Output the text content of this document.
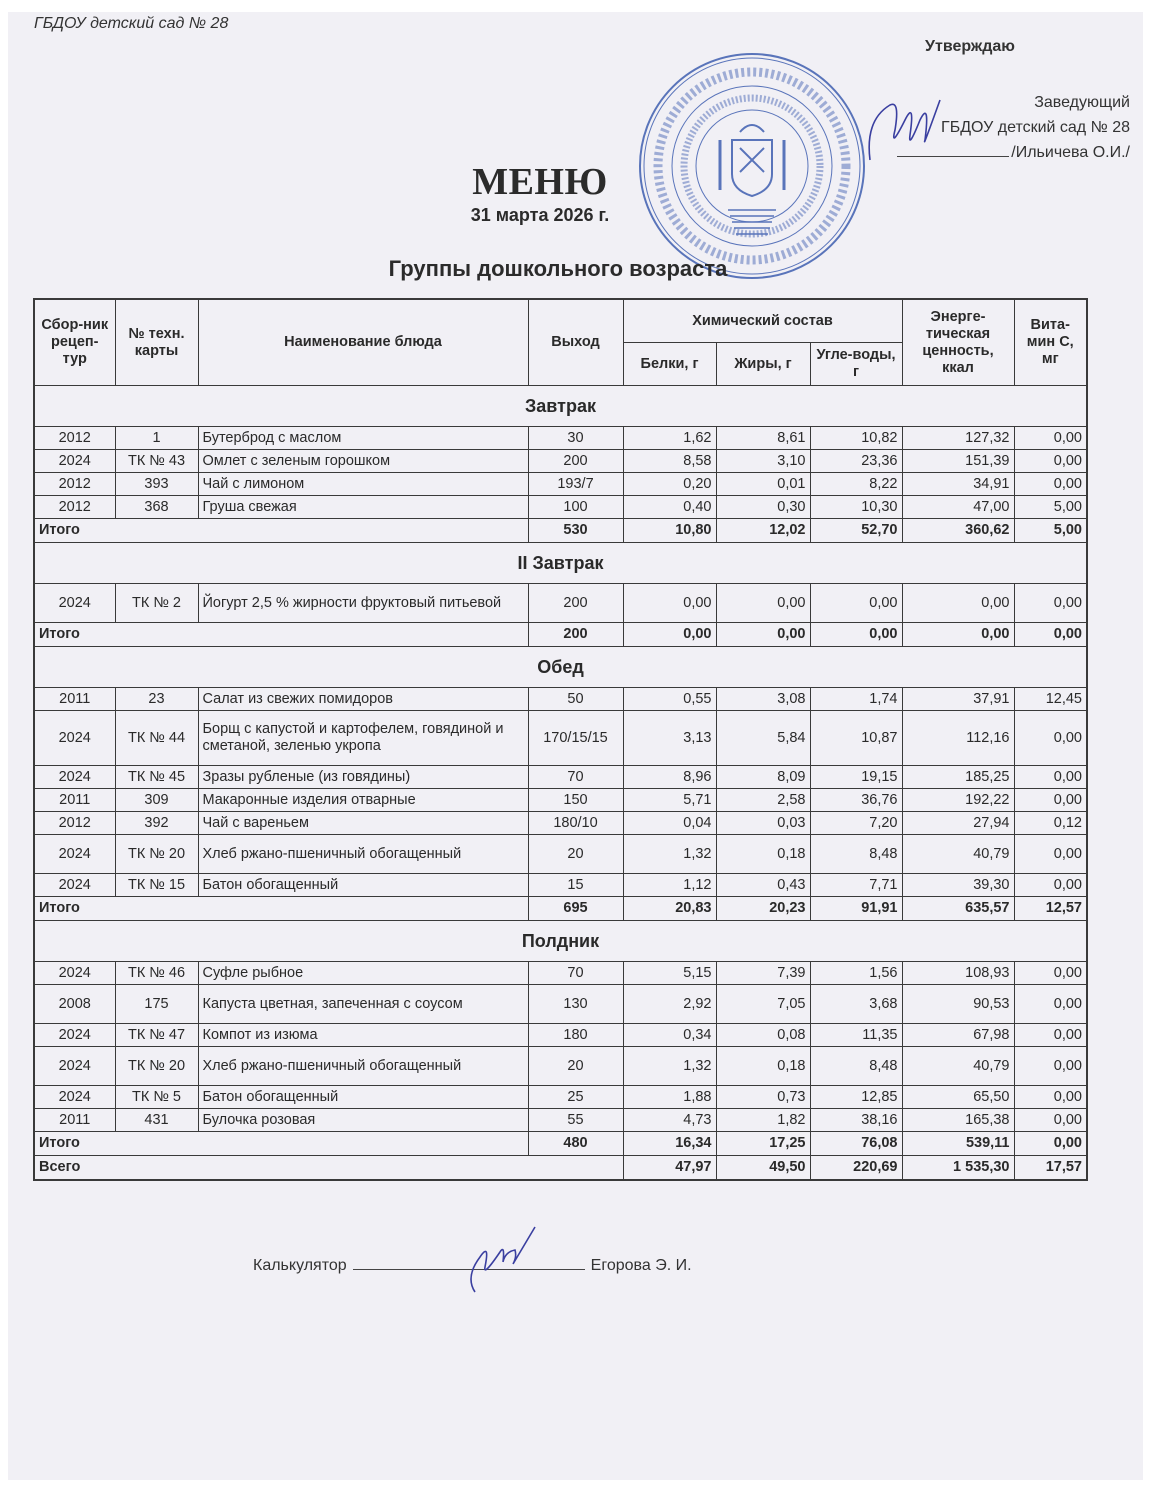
ГБДОУ детский сад № 28
Утверждаю
Заведующий
ГБДОУ детский сад № 28
/Ильичева О.И./
МЕНЮ
31 марта 2026 г.
Группы дошкольного возраста
Сбор-ник рецеп-тур	№ техн. карты	Наименование блюда	Выход	Химический состав			Энерге-тическая ценность, ккал	Вита-мин С, мг
				Белки, г	Жиры, г	Угле-воды, г		
Завтрак								
2012	1	Бутерброд с маслом	30	1,62	8,61	10,82	127,32	0,00
2024	ТК № 43	Омлет с зеленым горошком	200	8,58	3,10	23,36	151,39	0,00
2012	393	Чай с лимоном	193/7	0,20	0,01	8,22	34,91	0,00
2012	368	Груша свежая	100	0,40	0,30	10,30	47,00	5,00
Итого			530	10,80	12,02	52,70	360,62	5,00
II Завтрак								
2024	ТК № 2	Йогурт 2,5 % жирности фруктовый питьевой	200	0,00	0,00	0,00	0,00	0,00
Итого			200	0,00	0,00	0,00	0,00	0,00
Обед								
2011	23	Салат из свежих помидоров	50	0,55	3,08	1,74	37,91	12,45
2024	ТК № 44	Борщ с капустой и картофелем, говядиной и сметаной, зеленью укропа	170/15/15	3,13	5,84	10,87	112,16	0,00
2024	ТК № 45	Зразы рубленые (из говядины)	70	8,96	8,09	19,15	185,25	0,00
2011	309	Макаронные изделия отварные	150	5,71	2,58	36,76	192,22	0,00
2012	392	Чай с вареньем	180/10	0,04	0,03	7,20	27,94	0,12
2024	ТК № 20	Хлеб ржано-пшеничный обогащенный	20	1,32	0,18	8,48	40,79	0,00
2024	ТК № 15	Батон обогащенный	15	1,12	0,43	7,71	39,30	0,00
Итого			695	20,83	20,23	91,91	635,57	12,57
Полдник								
2024	ТК № 46	Суфле рыбное	70	5,15	7,39	1,56	108,93	0,00
2008	175	Капуста цветная, запеченная с соусом	130	2,92	7,05	3,68	90,53	0,00
2024	ТК № 47	Компот из изюма	180	0,34	0,08	11,35	67,98	0,00
2024	ТК № 20	Хлеб ржано-пшеничный обогащенный	20	1,32	0,18	8,48	40,79	0,00
2024	ТК № 5	Батон обогащенный	25	1,88	0,73	12,85	65,50	0,00
2011	431	Булочка розовая	55	4,73	1,82	38,16	165,38	0,00
Итого			480	16,34	17,25	76,08	539,11	0,00
Всего				47,97	49,50	220,69	1 535,30	17,57
Калькулятор	Егорова Э. И.
